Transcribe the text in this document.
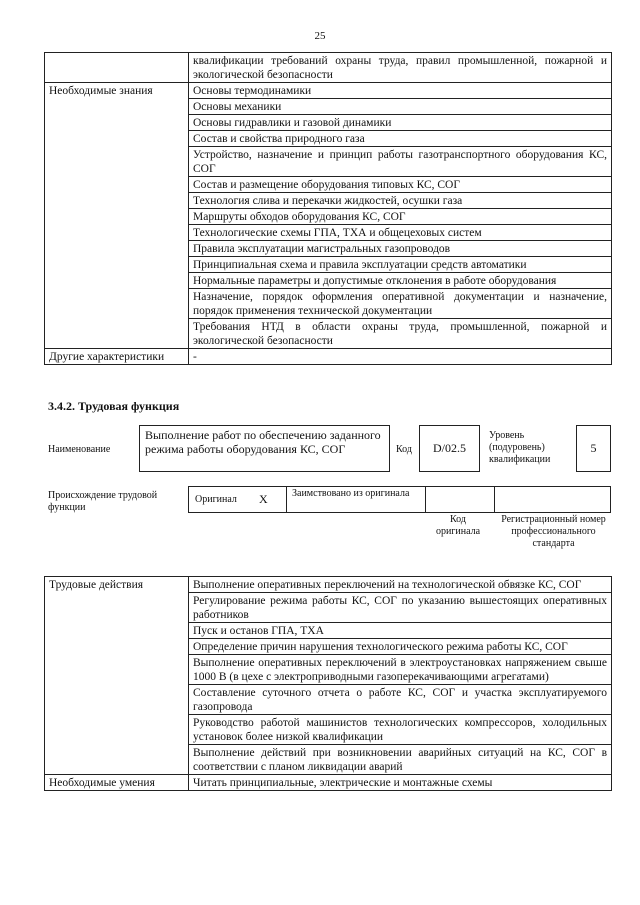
25
	квалификации требований охраны труда, правил промышленной, пожарной и экологической безопасности
Необходимые знания	Основы термодинамики
	Основы механики
	Основы гидравлики и газовой динамики
	Состав и свойства природного газа
	Устройство, назначение и принцип работы газотранспортного оборудования КС, СОГ
	Состав и размещение оборудования типовых КС, СОГ
	Технология слива и перекачки жидкостей, осушки газа
	Маршруты обходов оборудования КС, СОГ
	Технологические схемы ГПА, ТХА и общецеховых систем
	Правила эксплуатации магистральных газопроводов
	Принципиальная схема и правила эксплуатации средств автоматики
	Нормальные параметры и допустимые отклонения в работе оборудования
	Назначение, порядок оформления оперативной документации и назначение, порядок применения технической документации
	Требования НТД в области охраны труда, промышленной, пожарной и экологической безопасности
Другие характеристики	-
3.4.2. Трудовая функция
Наименование
Выполнение работ по обеспечению заданного режима работы оборудования КС, СОГ	Код	D/02.5
Уровень (подуровень) квалификации
5
Происхождение трудовой функции
Оригинал X Заимствовано из оригинала
Код оригинала
Регистрационный номер профессионального стандарта
Трудовые действия	Выполнение оперативных переключений на технологической обвязке КС, СОГ
	Регулирование режима работы КС, СОГ по указанию вышестоящих оперативных работников
	Пуск и останов ГПА, ТХА
	Определение причин нарушения технологического режима работы КС, СОГ
	Выполнение оперативных переключений в электроустановках напряжением свыше 1000 В (в цехе с электроприводными газоперекачивающими агрегатами)
	Составление суточного отчета о работе КС, СОГ и участка эксплуатируемого газопровода
	Руководство работой машинистов технологических компрессоров, холодильных установок более низкой квалификации
	Выполнение действий при возникновении аварийных ситуаций на КС, СОГ в соответствии с планом ликвидации аварий
Необходимые умения	Читать принципиальные, электрические и монтажные схемы
